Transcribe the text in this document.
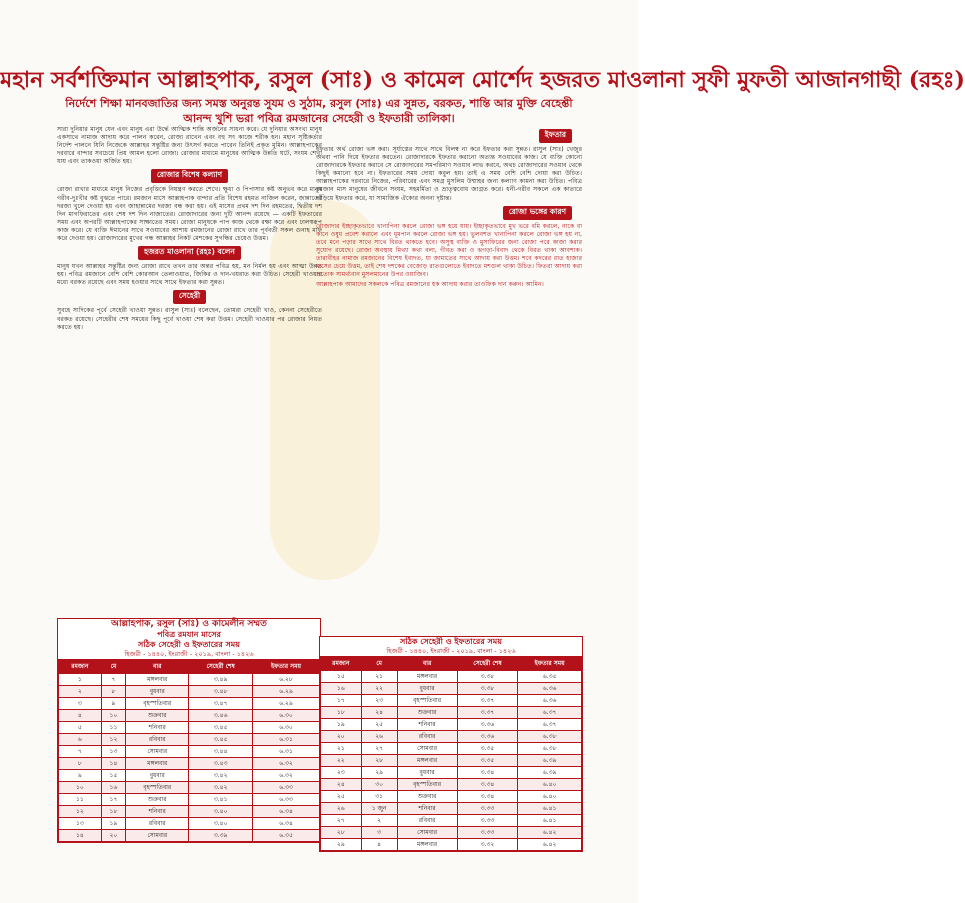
মহান সর্বশক্তিমান আল্লাহপাক, রসুল (সাঃ) ও কামেল মোর্শেদ হজরত মাওলানা সুফী মুফতী আজানগাছী (রহঃ)
নির্দেশে শিক্ষা মানবজাতির জন্য সমস্ত অনুরন্ত সুযম ও সুঠাম, রসুল (সাঃ) এর সুন্নত, বরকত, শান্তি আর মুক্তি বেহেশ্তী আনন্দ খুশি ভরা পবিত্র রমজানের সেহেরী ও ইফতারী তালিকা।

সারা দুনিয়ার মানুষ যেন এবং মানুষ এরা উর্দ্ধে আত্মিক শান্তি অর্জনের সাধনা করে। যে দুনিয়ার অসংখ্য মানুষ একসাথে নামাজ আদায় করে পালন করেন, রোজা রাখেন এবং বহু সৎ কাজে শরীক হন। মহান সৃষ্টিকর্তার নির্দেশ পালনে যিনি নিজেকে আল্লাহর সন্তুষ্টির জন্য উৎসর্গ করতে পারেন তিনিই প্রকৃত মুমিন। আল্লাহপাকের দরবারে বান্দার সবচেয়ে প্রিয় আমল হলো রোজা। রোজার মাধ্যমে মানুষের আত্মিক উন্নতি ঘটে, সংযম শেখা যায় এবং তাকওয়া অর্জিত হয়।

রোজার বিশেষ কল্যাণ

রোজা রাখার মাধ্যমে মানুষ নিজের প্রবৃত্তিকে নিয়ন্ত্রণ করতে শেখে। ক্ষুধা ও পিপাসার কষ্ট অনুভব করে মানুষ গরীব-দুঃখীর কষ্ট বুঝতে পারে। রমজান মাসে আল্লাহপাক বান্দার প্রতি বিশেষ রহমত নাজিল করেন, জান্নাতের দরজা খুলে দেওয়া হয় এবং জাহান্নামের দরজা বন্ধ করা হয়। এই মাসের প্রথম দশ দিন রহমতের, দ্বিতীয় দশ দিন মাগফিরাতের এবং শেষ দশ দিন নাজাতের। রোজাদারের জন্য দুটি আনন্দ রয়েছে — একটি ইফতারের সময় এবং অপরটি আল্লাহপাকের সাক্ষাতের সময়। রোজা মানুষকে পাপ কাজ থেকে রক্ষা করে এবং ঢালস্বরূপ কাজ করে। যে ব্যক্তি ঈমানের সাথে সওয়াবের আশায় রমজানের রোজা রাখে তার পূর্ববর্তী সকল গুনাহ মাফ করে দেওয়া হয়। রোজাদারের মুখের গন্ধ আল্লাহর নিকট মেশকের সুগন্ধির চেয়েও উত্তম।

হজরত মাওলানা (রহঃ) বলেন

মানুষ যখন আল্লাহর সন্তুষ্টির জন্য রোজা রাখে তখন তার অন্তর পবিত্র হয়, মন নির্মল হয় এবং আত্মা উন্নত হয়। পবিত্র রমজানে বেশি বেশি কোরআন তেলাওয়াত, জিকির ও দান-খয়রাত করা উচিত। সেহেরী খাওয়ার মধ্যে বরকত রয়েছে এবং সময় হওয়ার সাথে সাথে ইফতার করা সুন্নত।

সেহেরী

সুবহে সাদিকের পূর্বে সেহেরী খাওয়া সুন্নত। রাসুল (সাঃ) বলেছেন, তোমরা সেহেরী খাও, কেননা সেহেরীতে বরকত রয়েছে। সেহেরীর শেষ সময়ের কিছু পূর্বে খাওয়া শেষ করা উত্তম। সেহেরী খাওয়ার পর রোজার নিয়ত করতে হয়।

ইফতার

ইফতার অর্থ রোজা ভঙ্গ করা। সূর্যাস্তের সাথে সাথে বিলম্ব না করে ইফতার করা সুন্নত। রাসুল (সাঃ) খেজুর অথবা পানি দিয়ে ইফতার করতেন। রোজাদারকে ইফতার করানো অত্যন্ত সওয়াবের কাজ। যে ব্যক্তি কোনো রোজাদারকে ইফতার করাবে সে রোজাদারের সমপরিমাণ সওয়াব লাভ করবে, অথচ রোজাদারের সওয়াব থেকে কিছুই কমানো হবে না। ইফতারের সময় দোয়া কবুল হয়। তাই এ সময় বেশি বেশি দোয়া করা উচিত। আল্লাহপাকের দরবারে নিজের, পরিবারের এবং সমগ্র মুসলিম উম্মাহর জন্য কল্যাণ কামনা করা উচিত। পবিত্র রমজান মাস মানুষের জীবনে সংযম, সহমর্মিতা ও ভ্রাতৃত্ববোধ জাগ্রত করে। ধনী-গরীব সকলে এক কাতারে দাঁড়িয়ে ইফতার করে, যা সামাজিক ঐক্যের অনন্য দৃষ্টান্ত।

রোজা ভঙ্গের কারণ

রোজাদার ইচ্ছাকৃতভাবে খানাপিনা করলে রোজা ভঙ্গ হয়ে যায়। ইচ্ছাকৃতভাবে মুখ ভরে বমি করলে, নাকে বা কানে ওষুধ প্রবেশ করালে এবং ধূমপান করলে রোজা ভঙ্গ হয়। ভুলবশত খানাপিনা করলে রোজা ভঙ্গ হয় না, তবে মনে পড়ার সাথে সাথে বিরত থাকতে হবে। অসুস্থ ব্যক্তি ও মুসাফিরের জন্য রোজা পরে কাজা করার সুযোগ রয়েছে। রোজা অবস্থায় মিথ্যা কথা বলা, গীবত করা ও ঝগড়া-বিবাদ থেকে বিরত থাকা আবশ্যক। তারাবীহর নামাজ রমজানের বিশেষ ইবাদত, যা জামাতের সাথে আদায় করা উত্তম। শবে কদরের রাত হাজার মাসের চেয়ে উত্তম, তাই শেষ দশকের বেজোড় রাতগুলোতে ইবাদতে মশগুল থাকা উচিত। ফিতরা আদায় করা প্রত্যেক সামর্থ্যবান মুসলমানের উপর ওয়াজিব।

আল্লাহপাক আমাদের সকলকে পবিত্র রমজানের হক আদায় করার তাওফিক দান করুন। আমিন।

আল্লাহপাক, রসুল (সাঃ) ও কামেলীন সম্মত
পবিত্র রমযান মাসের
সঠিক সেহেরী ও ইফতারের সময়
হিজরী - ১৪৪০, ইংরাজী - ২০১৯, বাংলা - ১৪২৬
রমজান	মে	বার	সেহেরী শেষ	ইফতার সময়
১	৭	মঙ্গলবার	৩.৪৯	৬.২৮
২	৮	বুধবার	৩.৪৮	৬.২৯
৩	৯	বৃহস্পতিবার	৩.৪৭	৬.২৯
৪	১০	শুক্রবার	৩.৪৬	৬.৩০
৫	১১	শনিবার	৩.৪৫	৬.৩০
৬	১২	রবিবার	৩.৪৫	৬.৩১
৭	১৩	সোমবার	৩.৪৪	৬.৩১
৮	১৪	মঙ্গলবার	৩.৪৩	৬.৩২
৯	১৫	বুধবার	৩.৪২	৬.৩২
১০	১৬	বৃহস্পতিবার	৩.৪২	৬.৩৩
১১	১৭	শুক্রবার	৩.৪১	৬.৩৩
১২	১৮	শনিবার	৩.৪০	৬.৩৪
১৩	১৯	রবিবার	৩.৪০	৬.৩৪
১৪	২০	সোমবার	৩.৩৯	৬.৩৫
সঠিক সেহেরী ও ইফতারের সময়
হিজরী - ১৪৪০, ইংরাজী - ২০১৯, বাংলা - ১৪২৬
রমজান	মে	বার	সেহেরী শেষ	ইফতার সময়
১৫	২১	মঙ্গলবার	৩.৩৮	৬.৩৫
১৬	২২	বুধবার	৩.৩৮	৬.৩৬
১৭	২৩	বৃহস্পতিবার	৩.৩৭	৬.৩৬
১৮	২৪	শুক্রবার	৩.৩৭	৬.৩৭
১৯	২৫	শনিবার	৩.৩৬	৬.৩৭
২০	২৬	রবিবার	৩.৩৬	৬.৩৮
২১	২৭	সোমবার	৩.৩৫	৬.৩৮
২২	২৮	মঙ্গলবার	৩.৩৫	৬.৩৯
২৩	২৯	বুধবার	৩.৩৪	৬.৩৯
২৪	৩০	বৃহস্পতিবার	৩.৩৪	৬.৪০
২৫	৩১	শুক্রবার	৩.৩৪	৬.৪০
২৬	১ জুন	শনিবার	৩.৩৩	৬.৪১
২৭	২	রবিবার	৩.৩৩	৬.৪১
২৮	৩	সোমবার	৩.৩৩	৬.৪২
২৯	৪	মঙ্গলবার	৩.৩২	৬.৪২
